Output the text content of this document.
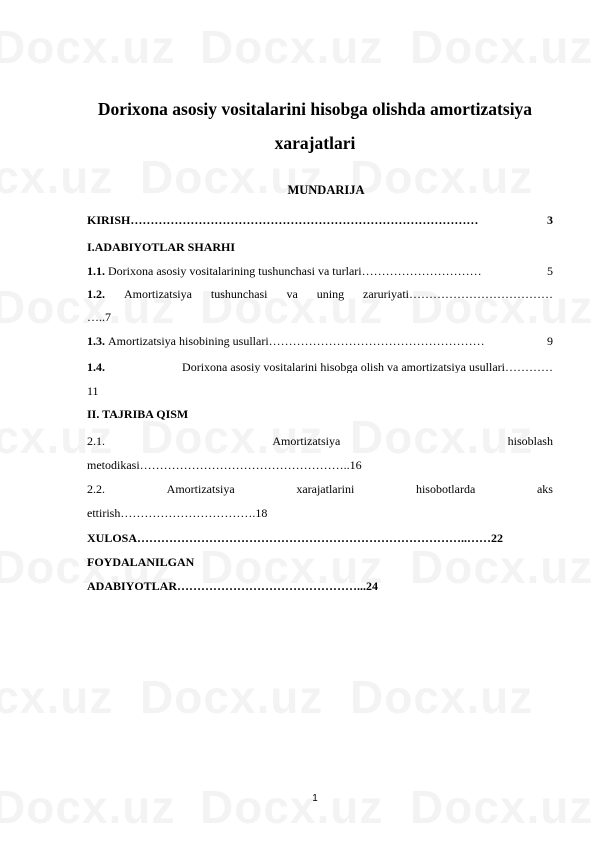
Dorixona asosiy vositalarini hisobga olishda amortizatsiya
xarajatlari
MUNDARIJA
KIRISH ……………………………………………………………………………	3
I.ADABIYOTLAR SHARHI
1.1. Dorixona asosiy vositalarining tushunchasi va turlari …………………………	5
1.2. Amortizatsiya tushunchasi va uning zaruriyati………………………………
…..7
1.3. Amortizatsiya hisobining usullari ………………………………………………	9
1.4.	Dorixona asosiy vositalarini hisobga olish va amortizatsiya usullari…………
11
II. TAJRIBA QISM
2.1.	Amortizatsiya	hisoblash
metodikasi……………………………………………..16
2.2.	Amortizatsiya	xarajatlarini	hisobotlarda	aks
ettirish…………………………….18
XULOSA………………………………………………………………………..……22
FOYDALANILGAN
ADABIYOTLAR………………………………………...24
1
